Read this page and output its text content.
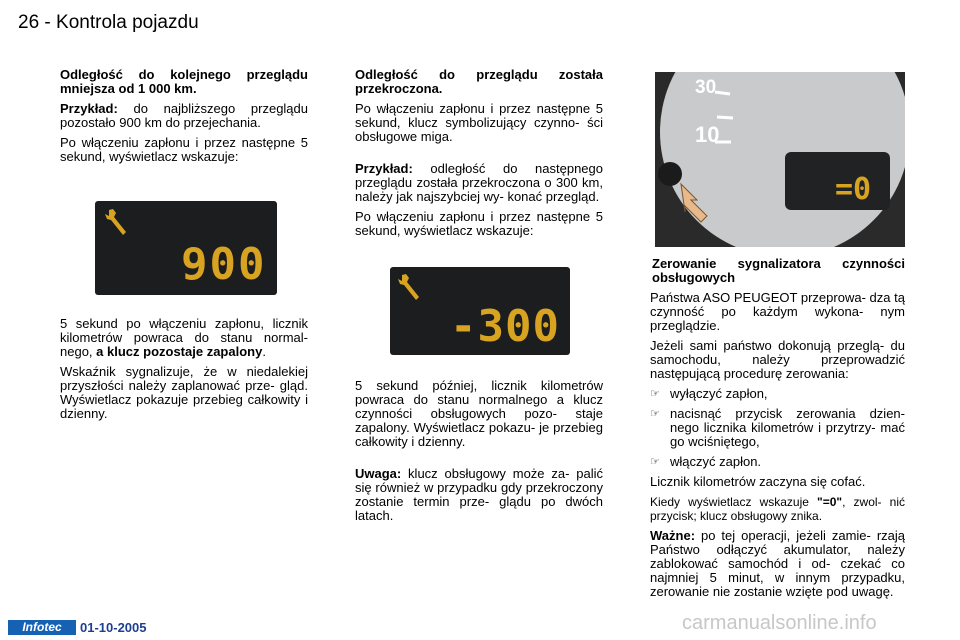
26 - Kontrola pojazdu

Odległość do kolejnego przeglądu mniejsza od 1 000 km.

Przykład: do najbliższego przeglądu pozostało 900 km do przejechania.

Po włączeniu zapłonu i przez następne 5 sekund, wyświetlacz wskazuje:

900

5 sekund po włączeniu zapłonu, licznik kilometrów powraca do stanu normal- nego, a klucz pozostaje zapalony.

Wskaźnik sygnalizuje, że w niedalekiej przyszłości należy zaplanować prze- gląd. Wyświetlacz pokazuje przebieg całkowity i dzienny.

Odległość do przeglądu została przekroczona.

Po włączeniu zapłonu i przez następne 5 sekund, klucz symbolizujący czynno- ści obsługowe miga.

Przykład: odległość do następnego przeglądu została przekroczona o 300 km, należy jak najszybciej wy- konać przegląd.

Po włączeniu zapłonu i przez następne 5 sekund, wyświetlacz wskazuje:

-300

5 sekund później, licznik kilometrów powraca do stanu normalnego a klucz czynności obsługowych pozo- staje zapalony. Wyświetlacz pokazu- je przebieg całkowity i dzienny.

Uwaga: klucz obsługowy może za- palić się również w przypadku gdy przekroczony zostanie termin prze- glądu po dwóch latach.

30
10
=0

Zerowanie sygnalizatora czynności obsługowych

Państwa ASO PEUGEOT przeprowa- dza tą czynność po każdym wykona- nym przeglądzie.

Jeżeli sami państwo dokonują przeglą- du samochodu, należy przeprowadzić następującą procedurę zerowania:

☞ wyłączyć zapłon,
☞ nacisnąć przycisk zerowania dzien- nego licznika kilometrów i przytrzy- mać go wciśniętego,
☞ włączyć zapłon.

Licznik kilometrów zaczyna się cofać.

Kiedy wyświetlacz wskazuje "=0", zwol- nić przycisk; klucz obsługowy znika.

Ważne: po tej operacji, jeżeli zamie- rzają Państwo odłączyć akumulator, należy zablokować samochód i od- czekać co najmniej 5 minut, w innym przypadku, zerowanie nie zostanie wzięte pod uwagę.

Infotec	01-10-2005	carmanualsonline.info
